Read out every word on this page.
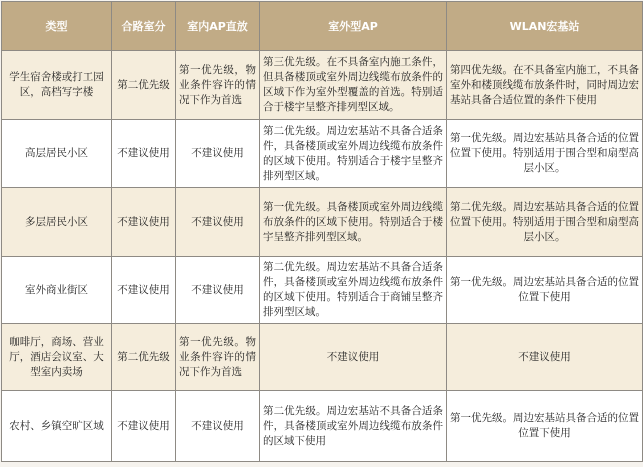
类型	合路室分	室内AP直放	室外型AP	WLAN宏基站
学生宿舍楼或打工园区，高档写字楼	第二优先级	第一优先级，物业条件容许的情况下作为首选	第三优先级。在不具备室内施工条件，但具备楼顶或室外周边线缆布放条件的区域下作为室外型覆盖的首选。特别适合于楼宇呈整齐排列型区域。	第四优先级。在不具备室内施工，不具备室外和楼顶线缆布放条件时，同时周边宏基站具备合适位置的条件下使用
高层居民小区	不建议使用	不建议使用	第二优先级。周边宏基站不具备合适条件，具备楼顶或室外周边线缆布放条件的区域下使用。特别适合于楼宇呈整齐排列型区域。	第一优先级。周边宏基站具备合适的位置位置下使用。特别适用于围合型和扇型高层小区。
多层居民小区	不建议使用	不建议使用	第一优先级。具备楼顶或室外周边线缆布放条件的区域下使用。特别适合于楼宇呈整齐排列型区域。	第二优先级。周边宏基站具备合适的位置位置下使用。特别适用于围合型和扇型高层小区。
室外商业街区	不建议使用	不建议使用	第二优先级。周边宏基站不具备合适条件，具备楼顶或室外周边线缆布放条件的区域下使用。特别适合于商铺呈整齐排列型区域。	第一优先级。周边宏基站具备合适的位置位置下使用
咖啡厅，商场、营业厅，酒店会议室、大型室内卖场	第二优先级	第一优先级。物业条件容许的情况下作为首选	不建议使用	不建议使用
农村、乡镇空旷区域	不建议使用	不建议使用	第二优先级。周边宏基站不具备合适条件，具备楼顶或室外周边线缆布放条件的区域下使用	第一优先级。周边宏基站具备合适的位置位置下使用
